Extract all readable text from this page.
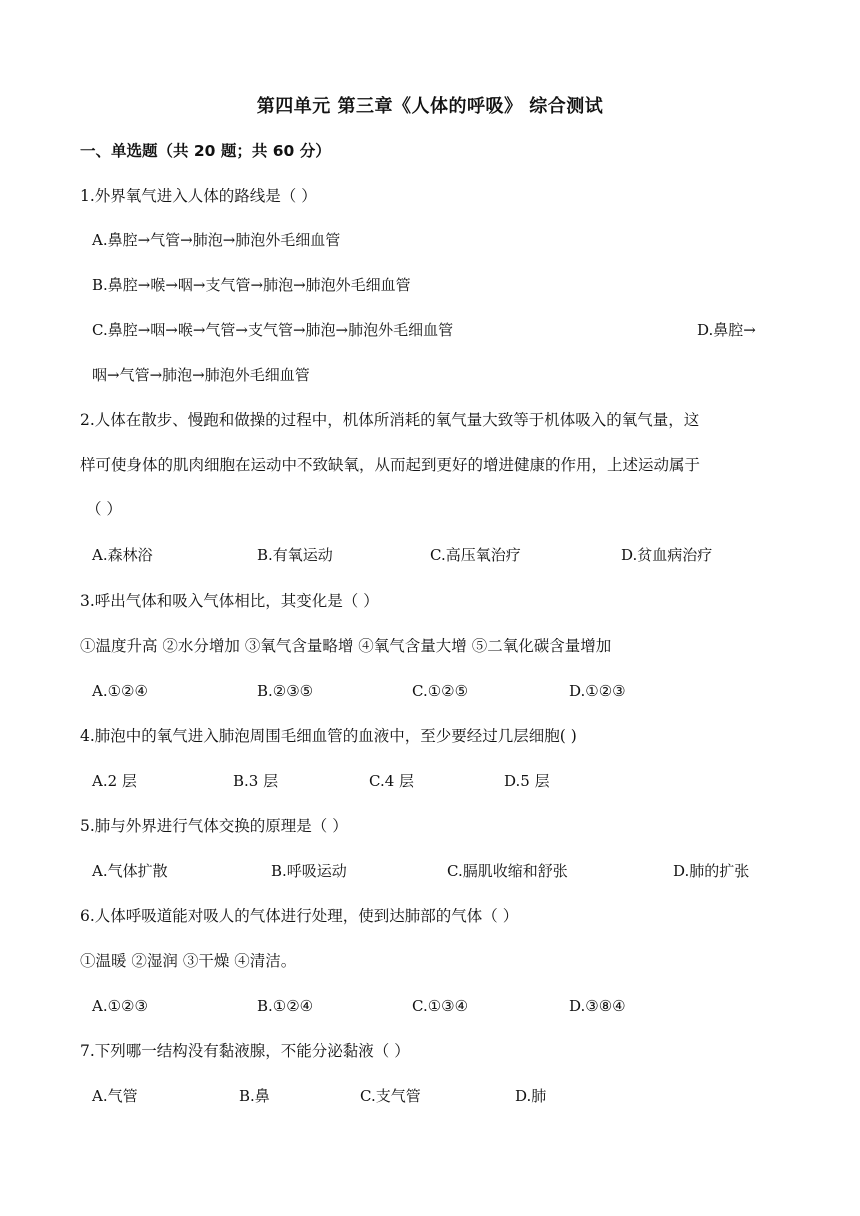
第四单元 第三章《人体的呼吸》 综合测试
一、单选题（共 20 题；共 60 分）
1.外界氧气进入人体的路线是（ ）
A.鼻腔→气管→肺泡→肺泡外毛细血管
B.鼻腔→喉→咽→支气管→肺泡→肺泡外毛细血管
C.鼻腔→咽→喉→气管→支气管→肺泡→肺泡外毛细血管	D.鼻腔→
咽→气管→肺泡→肺泡外毛细血管
2.人体在散步、慢跑和做操的过程中，机体所消耗的氧气量大致等于机体吸入的氧气量，这
样可使身体的肌肉细胞在运动中不致缺氧，从而起到更好的增进健康的作用，上述运动属于
（ ）
A.森林浴	B.有氧运动	C.高压氧治疗	D.贫血病治疗
3.呼出气体和吸入气体相比，其变化是（ ）
①温度升高 ②水分增加 ③氧气含量略增 ④氧气含量大增 ⑤二氧化碳含量增加
A.①②④	B.②③⑤	C.①②⑤	D.①②③
4.肺泡中的氧气进入肺泡周围毛细血管的血液中，至少要经过几层细胞( )
A.2 层	B.3 层	C.4 层	D.5 层
5.肺与外界进行气体交换的原理是（ ）
A.气体扩散	B.呼吸运动	C.膈肌收缩和舒张	D.肺的扩张
6.人体呼吸道能对吸人的气体进行处理，使到达肺部的气体（ ）
①温暖 ②湿润 ③干燥 ④清洁。
A.①②③	B.①②④	C.①③④	D.③⑧④
7.下列哪一结构没有黏液腺，不能分泌黏液（ ）
A.气管	B.鼻	C.支气管	D.肺
